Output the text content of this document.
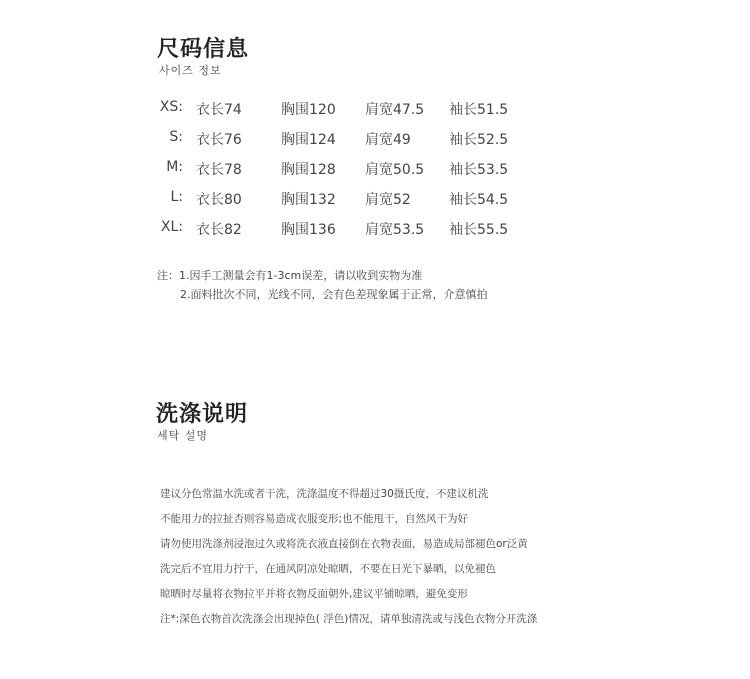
尺码信息
사이즈 정보
XS: 衣长74	胸围120 肩宽47.5 袖长51.5
S: 衣长76	胸围124 肩宽49	袖长52.5
M: 衣长78	胸围128 肩宽50.5 袖长53.5
L: 衣长80	胸围132 肩宽52	袖长54.5
XL: 衣长82	胸围136 肩宽53.5 袖长55.5
注：1.因手工测量会有1-3cm误差，请以收到实物为准
2.面料批次不同，光线不同，会有色差现象属于正常，介意慎拍
洗涤说明
세탁 설명
建议分色常温水洗或者干洗，洗涤温度不得超过30摄氏度，不建议机洗
不能用力的拉扯否则容易造成衣服变形;也不能甩干，自然风干为好
请勿使用洗涤剂浸泡过久或将洗衣液直接倒在衣物表面，易造成局部褪色or泛黄
洗完后不宜用力拧干，在通风阴凉处晾晒，不要在日光下暴晒，以免褪色
晾晒时尽量将衣物拉平并将衣物反面朝外,建议平铺晾晒，避免变形
注*:深色衣物首次洗涤会出现掉色( 浮色)情况，请单独清洗或与浅色衣物分开洗涤
